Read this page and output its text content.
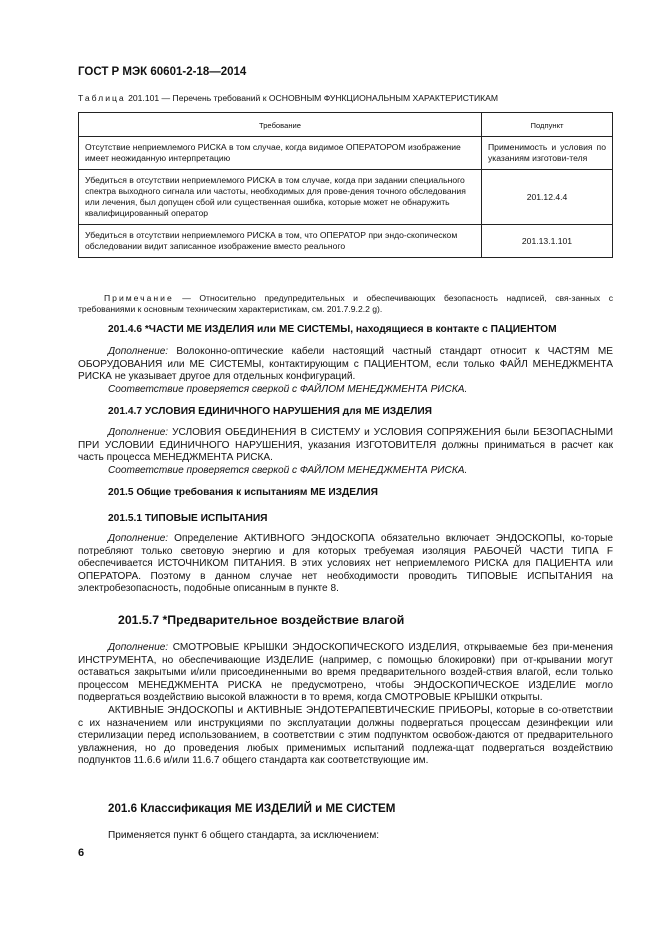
ГОСТ Р МЭК 60601-2-18—2014

Таблица 201.101 — Перечень требований к ОСНОВНЫМ ФУНКЦИОНАЛЬНЫМ ХАРАКТЕРИСТИКАМ

Требование	Подпункт
Отсутствие неприемлемого РИСКА в том случае, когда видимое ОПЕРАТОРОМ изображение имеет неожиданную интерпретацию	Применимость и условия по указаниям изготови-теля
Убедиться в отсутствии неприемлемого РИСКА в том случае, когда при задании специального спектра выходного сигнала или частоты, необходимых для прове-дения точного обследования или лечения, был допущен сбой или существенная ошибка, которые может не обнаружить квалифицированный оператор	201.12.4.4
Убедиться в отсутствии неприемлемого РИСКА в том, что ОПЕРАТОР при эндо-скопическом обследовании видит записанное изображение вместо реального	201.13.1.101

Примечание — Относительно предупредительных и обеспечивающих безопасность надписей, свя-занных с требованиями к основным техническим характеристикам, см. 201.7.9.2.2 g).

201.4.6 *ЧАСТИ МЕ ИЗДЕЛИЯ или МЕ СИСТЕМЫ, находящиеся в контакте с ПАЦИЕНТОМ

Дополнение: Волоконно-оптические кабели настоящий частный стандарт относит к ЧАСТЯМ МЕ ОБОРУДОВАНИЯ или МЕ СИСТЕМЫ, контактирующим с ПАЦИЕНТОМ, если только ФАЙЛ МЕНЕДЖМЕНТА РИСКА не указывает другое для отдельных конфигураций.

Соответствие проверяется сверкой с ФАЙЛОМ МЕНЕДЖМЕНТА РИСКА.

201.4.7 УСЛОВИЯ ЕДИНИЧНОГО НАРУШЕНИЯ для МЕ ИЗДЕЛИЯ

Дополнение: УСЛОВИЯ ОБЕДИНЕНИЯ В СИСТЕМУ и УСЛОВИЯ СОПРЯЖЕНИЯ были БЕЗОПАСНЫМИ ПРИ УСЛОВИИ ЕДИНИЧНОГО НАРУШЕНИЯ, указания ИЗГОТОВИТЕЛЯ должны приниматься в расчет как часть процесса МЕНЕДЖМЕНТА РИСКА.

Соответствие проверяется сверкой с ФАЙЛОМ МЕНЕДЖМЕНТА РИСКА.

201.5 Общие требования к испытаниям МЕ ИЗДЕЛИЯ

201.5.1 ТИПОВЫЕ ИСПЫТАНИЯ

Дополнение: Определение АКТИВНОГО ЭНДОСКОПА обязательно включает ЭНДОСКОПЫ, ко-торые потребляют только световую энергию и для которых требуемая изоляция РАБОЧЕЙ ЧАСТИ ТИПА F обеспечивается ИСТОЧНИКОМ ПИТАНИЯ. В этих условиях нет неприемлемого РИСКА для ПАЦИЕНТА или ОПЕРАТОРА. Поэтому в данном случае нет необходимости проводить ТИПОВЫЕ ИСПЫТАНИЯ на электробезопасность, подобные описанным в пункте 8.

201.5.7 *Предварительное воздействие влагой

Дополнение: СМОТРОВЫЕ КРЫШКИ ЭНДОСКОПИЧЕСКОГО ИЗДЕЛИЯ, открываемые без при-менения ИНСТРУМЕНТА, но обеспечивающие ИЗДЕЛИЕ (например, с помощью блокировки) при от-крывании могут оставаться закрытыми и/или присоединенными во время предварительного воздей-ствия влагой, если только процессом МЕНЕДЖМЕНТА РИСКА не предусмотрено, чтобы ЭНДОСКОПИЧЕСКОЕ ИЗДЕЛИЕ могло подвергаться воздействию высокой влажности в то время, когда СМОТРОВЫЕ КРЫШКИ открыты.

АКТИВНЫЕ ЭНДОСКОПЫ и АКТИВНЫЕ ЭНДОТЕРАПЕВТИЧЕСКИЕ ПРИБОРЫ, которые в со-ответствии с их назначением или инструкциями по эксплуатации должны подвергаться процессам дезинфекции или стерилизации перед использованием, в соответствии с этим подпунктом освобож-даются от предварительного увлажнения, но до проведения любых применимых испытаний подлежа-щат подвергаться воздействию подпунктов 11.6.6 и/или 11.6.7 общего стандарта как соответствующие им.

201.6 Классификация МЕ ИЗДЕЛИЙ и МЕ СИСТЕМ

Применяется пункт 6 общего стандарта, за исключением:

6
